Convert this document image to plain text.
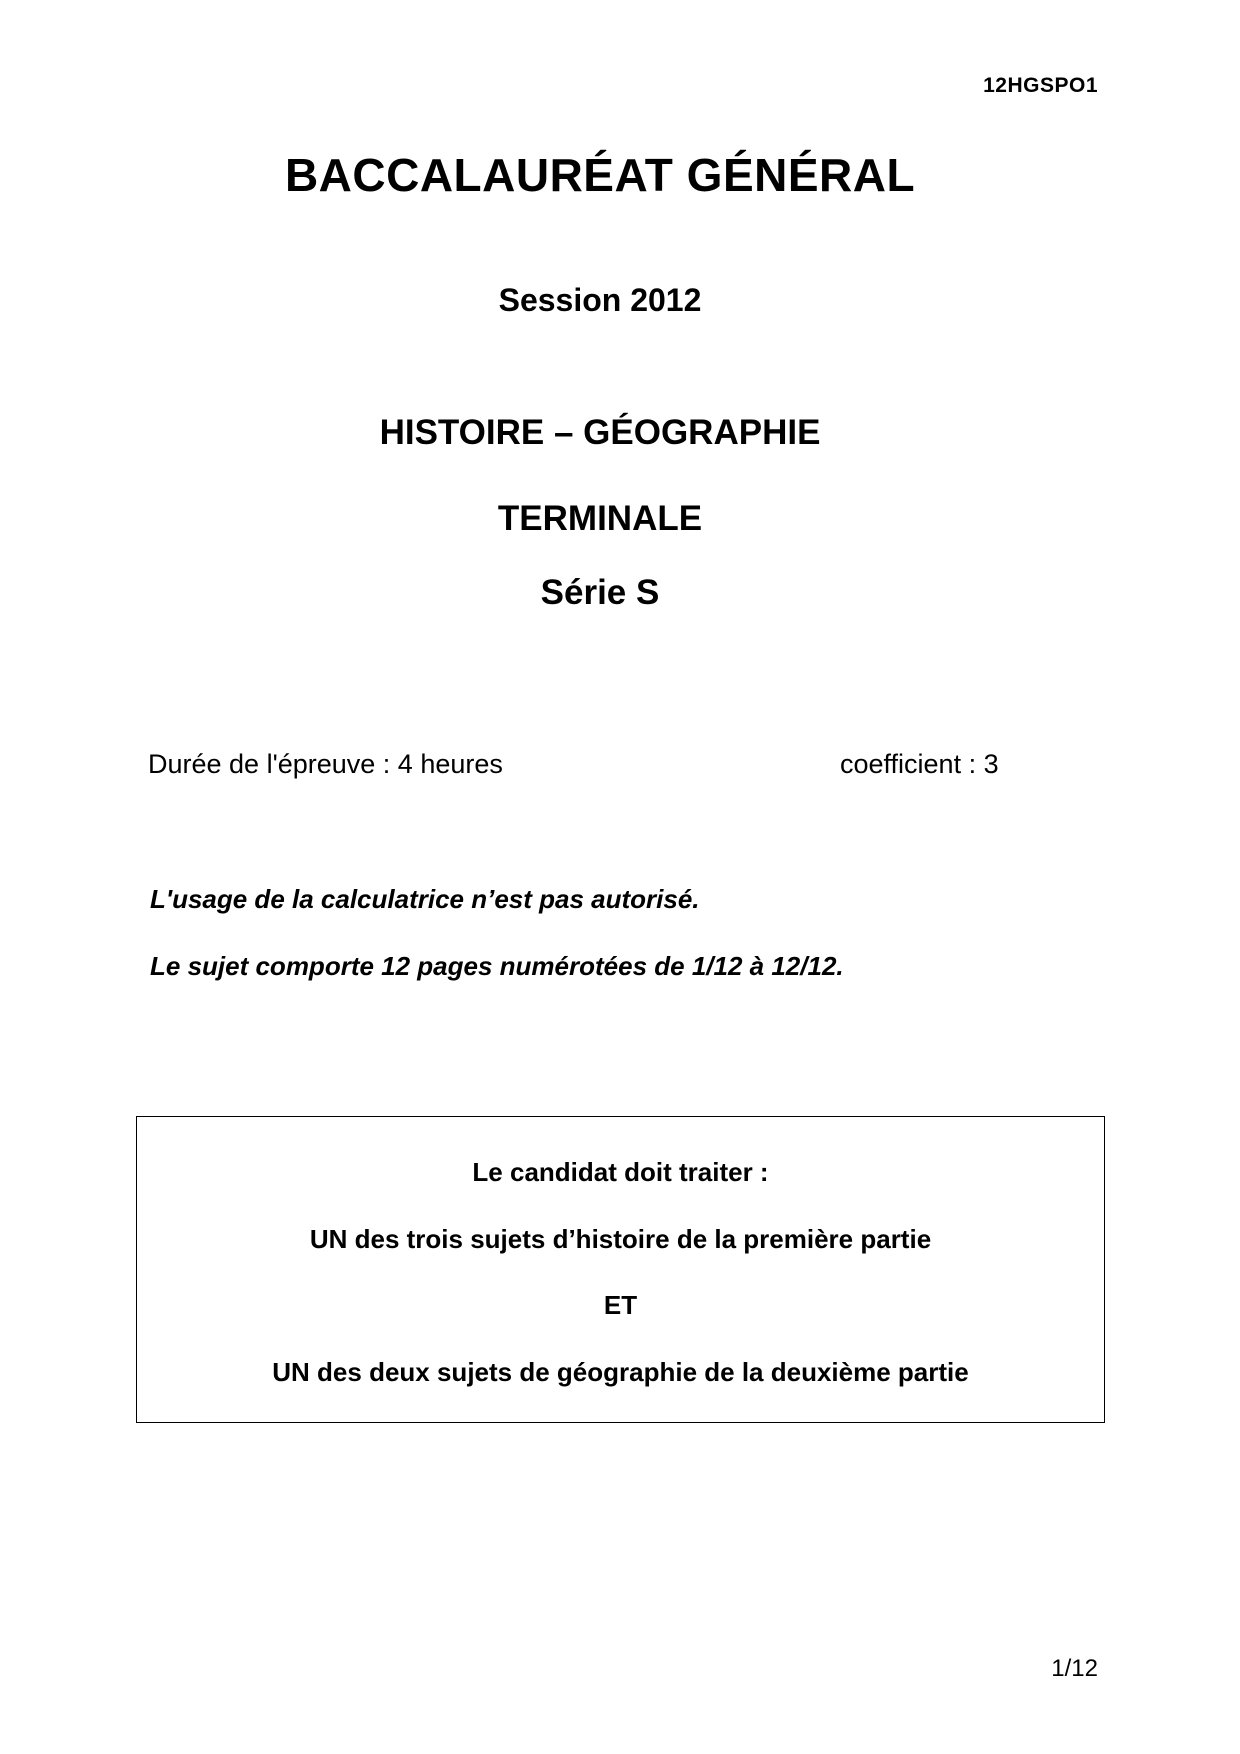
12HGSPO1
BACCALAURÉAT GÉNÉRAL
Session 2012
HISTOIRE – GÉOGRAPHIE
TERMINALE
Série S
Durée de l'épreuve : 4 heures	coefficient : 3
L'usage de la calculatrice n’est pas autorisé.
Le sujet comporte 12 pages numérotées de 1/12 à 12/12.
Le candidat doit traiter :
UN des trois sujets d’histoire de la première partie
ET
UN des deux sujets de géographie de la deuxième partie
1/12
